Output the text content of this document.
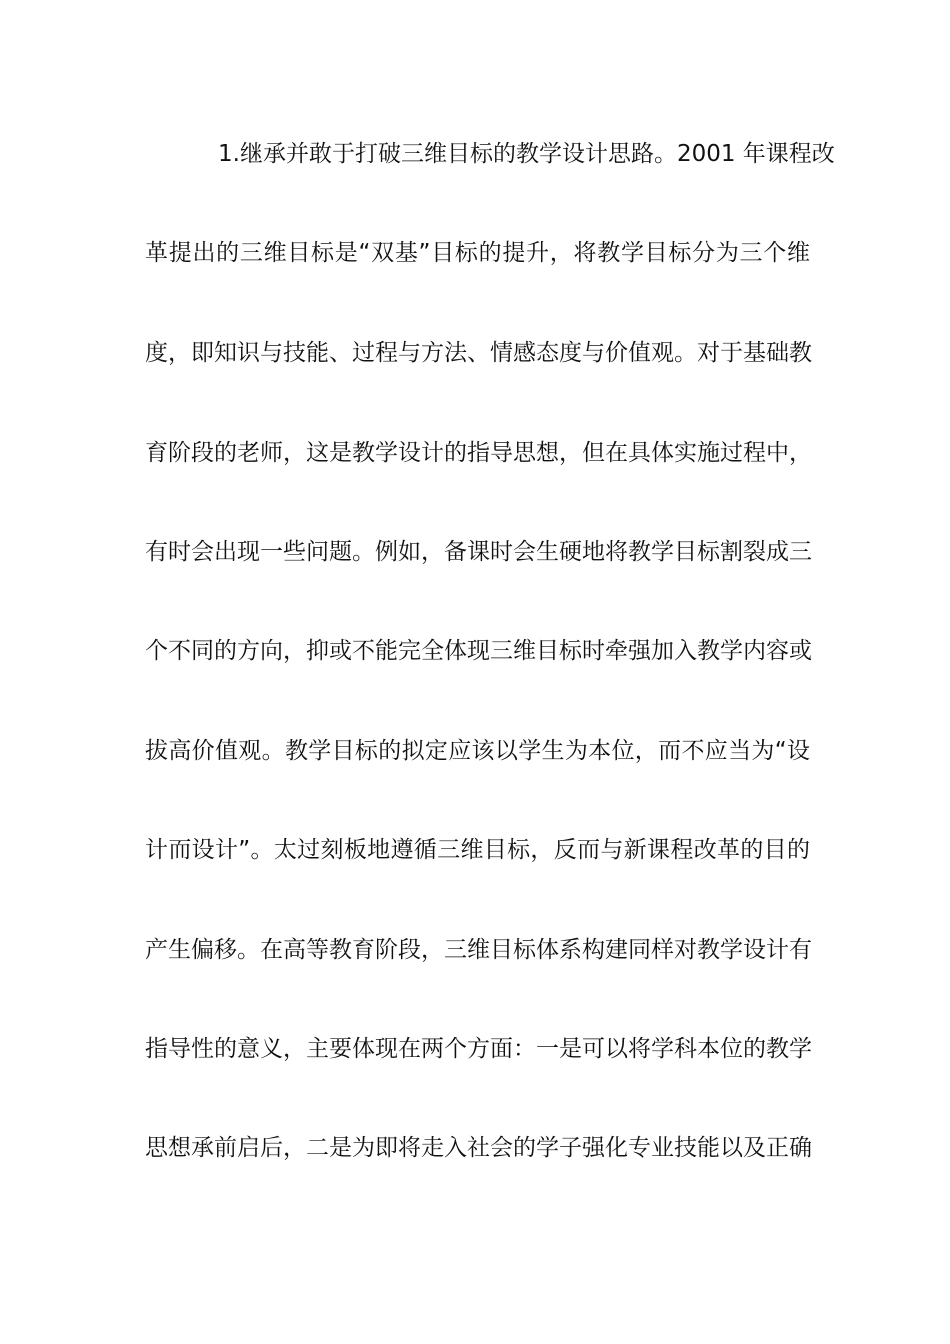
1.继承并敢于打破三维目标的教学设计思路。2001 年课程改
革提出的三维目标是“双基”目标的提升，将教学目标分为三个维
度，即知识与技能、过程与方法、情感态度与价值观。对于基础教
育阶段的老师，这是教学设计的指导思想，但在具体实施过程中，
有时会出现一些问题。例如，备课时会生硬地将教学目标割裂成三
个不同的方向，抑或不能完全体现三维目标时牵强加入教学内容或
拔高价值观。教学目标的拟定应该以学生为本位，而不应当为“设
计而设计”。太过刻板地遵循三维目标，反而与新课程改革的目的
产生偏移。在高等教育阶段，三维目标体系构建同样对教学设计有
指导性的意义，主要体现在两个方面：一是可以将学科本位的教学
思想承前启后，二是为即将走入社会的学子强化专业技能以及正确
